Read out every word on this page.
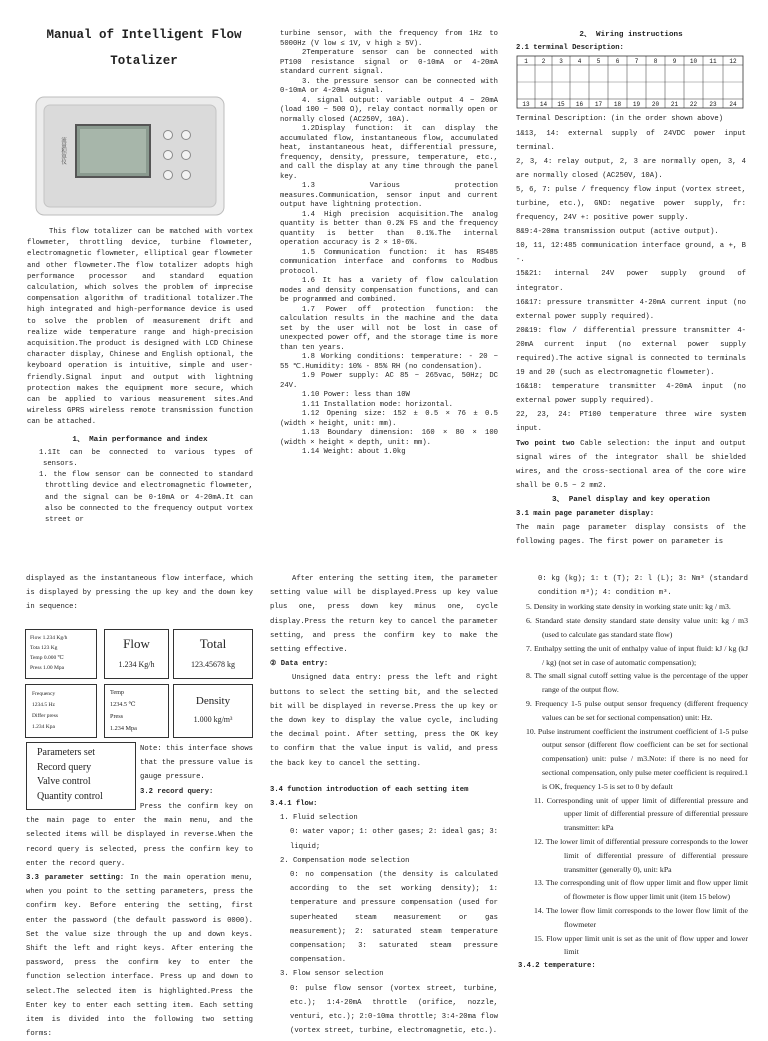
Manual of Intelligent Flow
Totalizer
流量积算仪

This flow totalizer can be matched with vortex flowmeter, throttling device, turbine flowmeter, electromagnetic flowmeter, elliptical gear flowmeter and other flowmeter.The flow totalizer adopts high performance processor and standard equation calculation, which solves the problem of imprecise compensation algorithm of traditional totalizer.The high integrated and high-performance device is used to solve the problem of measurement drift and realize wide temperature range and high-precision acquisition.The product is designed with LCD Chinese character display, Chinese and English optional, the keyboard operation is intuitive, simple and user-friendly.Signal input and output with lightning protection makes the equipment more secure, which can be applied to various measurement sites.And wireless GPRS wireless remote transmission function can be attached.

1、 Main performance and index

1.1It can be connected to various types of sensors.

1. the flow sensor can be connected to standard throttling device and electromagnetic flowmeter, and the signal can be 0-10mA or 4-20mA.It can also be connected to the frequency output vortex street or

turbine sensor, with the frequency from 1Hz to 5000Hz (V low ≤ 1V, v high ≥ 5V).

2Temperature sensor can be connected with PT100 resistance signal or 0-10mA or 4-20mA standard current signal.

3. the pressure sensor can be connected with 0-10mA or 4-20mA signal.

4. signal output: variable output 4 ~ 20mA (load 100 ~ 500 Ω), relay contact normally open or normally closed (AC250V, 10A).

1.2Display function: it can display the accumulated flow, instantaneous flow, accumulated heat, instantaneous heat, differential pressure, frequency, density, pressure, temperature, etc., and call the display at any time through the panel key.

1.3 Various protection measures.Communication, sensor input and current output have lightning protection.

1.4 High precision acquisition.The analog quantity is better than 0.2% FS and the frequency quantity is better than 0.1%.The internal operation accuracy is 2 × 10-6%.

1.5 Communication function: it has RS485 communication interface and conforms to Modbus protocol.

1.6 It has a variety of flow calculation modes and density compensation functions, and can be programmed and combined.

1.7 Power off protection function: the calculation results in the machine and the data set by the user will not be lost in case of unexpected power off, and the storage time is more than ten years.

1.8 Working conditions: temperature: - 20 ~ 55 ℃.Humidity: 10% - 85% RH (no condensation).

1.9 Power supply: AC 85 ~ 265vac, 50Hz; DC 24V.

1.10 Power: less than 10W

1.11 Installation mode: horizontal.

1.12 Opening size: 152 ± 0.5 × 76 ± 0.5 (width × height, unit: mm).

1.13 Boundary dimension: 160 × 80 × 100 (width × height × depth, unit: mm).

1.14 Weight: about 1.0kg

2、 Wiring instructions

2.1 terminal Description:

1 2 3 4	5	6	7	8	9 10 11 12
13 14 15 16 17 18 19 20 21 22 23 24

Terminal Description: (in the order shown above)

1&13, 14: external supply of 24VDC power input terminal.

2, 3, 4: relay output, 2, 3 are normally open, 3, 4 are normally closed (AC250V, 10A).

5, 6, 7: pulse / frequency flow input (vortex street, turbine, etc.), GND: negative power supply, fr: frequency, 24V +: positive power supply.

8&9:4-20ma transmission output (active output).

10, 11, 12:485 communication interface ground, a +, B -.

15&21: internal 24V power supply ground of integrator.

16&17: pressure transmitter 4-20mA current input (no external power supply required).

20&19: flow / differential pressure transmitter 4-20mA current input (no external power supply required).The active signal is connected to terminals 19 and 20 (such as electromagnetic flowmeter).

16&18: temperature transmitter 4-20mA input (no external power supply required).

22, 23, 24: PT100 temperature three wire system input.

Two point two Cable selection: the input and output signal wires of the integrator shall be shielded wires, and the cross-sectional area of the core wire shall be 0.5 ~ 2 mm2.

3、 Panel display and key operation

3.1 main page parameter display:

The main page parameter display consists of the following pages. The first power on parameter is

displayed as the instantaneous flow interface, which is displayed by pressing the up key and the down key in sequence:

Flow 1.234 Kg/h
Tota 123 Kg
Temp 0.000 ℃
Press 1.00 Mpa
Flow
1.234 Kg/h
Total
123.45678 kg
Frequency
1234.5 Hz
Differ press
1.234 Kpa
Temp
1234.5 ℃
Press
1.234 Mpa
Density
1.000 kg/m³
Parameters set
Record query
Valve control
Quantity control

Note: this interface shows that the pressure value is gauge pressure.

3.2 record query:

Press the confirm key on the main page to enter the main menu, and the selected items will be displayed in reverse.When the record query is selected, press the confirm key to enter the record query.

3.3 parameter setting: In the main operation menu, when you point to the setting parameters, press the confirm key. Before entering the setting, first enter the password (the default password is 0000). Set the value size through the up and down keys. Shift the left and right keys. After entering the password, press the confirm key to enter the function selection interface. Press up and down to select.The selected item is highlighted.Press the Enter key to enter each setting item. Each setting item is divided into the following two setting forms:

After entering the setting item, the parameter setting value will be displayed.Press up key value plus one, press down key minus one, cycle display.Press the return key to cancel the parameter setting, and press the confirm key to make the setting effective.

② Data entry:

Unsigned data entry: press the left and right buttons to select the setting bit, and the selected bit will be displayed in reverse.Press the up key or the down key to display the value cycle, including the decimal point. After setting, press the OK key to confirm that the value input is valid, and press the back key to cancel the setting.

3.4 function introduction of each setting item

3.4.1 flow:

1. Fluid selection

0: water vapor; 1: other gases; 2: ideal gas; 3: liquid;

2. Compensation mode selection

0: no compensation (the density is calculated according to the set working density); 1: temperature and pressure compensation (used for superheated steam measurement or gas measurement); 2: saturated steam temperature compensation; 3: saturated steam pressure compensation.

3. Flow sensor selection

0: pulse flow sensor (vortex street, turbine, etc.); 1:4-20mA throttle (orifice, nozzle, venturi, etc.); 2:0-10ma throttle; 3:4-20ma flow (vortex street, turbine, electromagnetic, etc.).

0: kg (kg); 1: t (T); 2: l (L); 3: Nm³ (standard condition m³); 4: condition m³.

5. Density in working state density in working state unit: kg / m3.

6. Standard state density standard state density value unit: kg / m3 (used to calculate gas standard state flow)

7. Enthalpy setting the unit of enthalpy value of input fluid: kJ / kg (kJ / kg) (not set in case of automatic compensation);

8. The small signal cutoff setting value is the percentage of the upper range of the output flow.

9. Frequency 1-5 pulse output sensor frequency (different frequency values can be set for sectional compensation) unit: Hz.

10. Pulse instrument coefficient the instrument coefficient of 1-5 pulse output sensor (different flow coefficient can be set for sectional compensation) unit: pulse / m3.Note: if there is no need for sectional compensation, only pulse meter coefficient is required.1 is OK, frequency 1-5 is set to 0 by default

11. Corresponding unit of upper limit of differential pressure and upper limit of differential pressure of differential pressure transmitter: kPa

12. The lower limit of differential pressure corresponds to the lower limit of differential pressure of differential pressure transmitter (generally 0), unit: kPa

13. The corresponding unit of flow upper limit and flow upper limit of flowmeter is flow upper limit unit (item 15 below)

14. The lower flow limit corresponds to the lower flow limit of the flowmeter

15. Flow upper limit unit is set as the unit of flow upper and lower limit

3.4.2 temperature:
